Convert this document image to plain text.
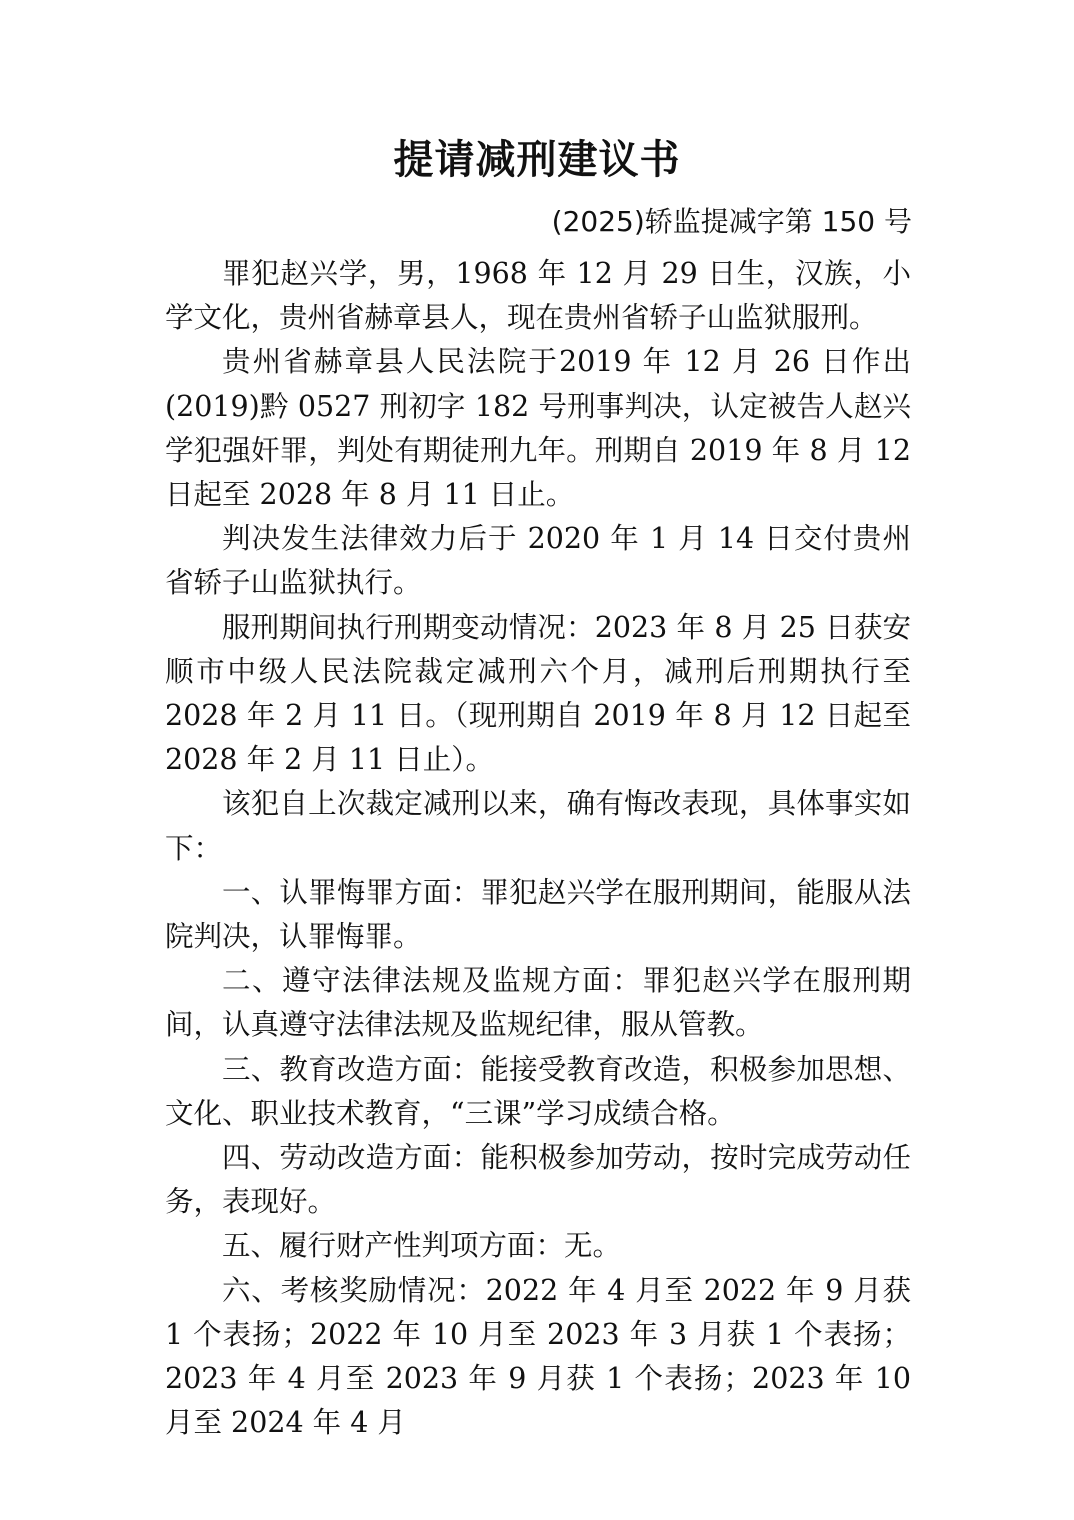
提请减刑建议书
(2025)轿监提减字第 150 号

罪犯赵兴学，男，1968 年 12 月 29 日生，汉族，小学文化，贵州省赫章县人，现在贵州省轿子山监狱服刑。

贵州省赫章县人民法院于2019 年 12 月 26 日作出(2019)黔 0527 刑初字 182 号刑事判决，认定被告人赵兴学犯强奸罪，判处有期徒刑九年。刑期自 2019 年 8 月 12 日起至 2028 年 8 月 11 日止。

判决发生法律效力后于 2020 年 1 月 14 日交付贵州省轿子山监狱执行。

服刑期间执行刑期变动情况：2023 年 8 月 25 日获安顺市中级人民法院裁定减刑六个月，减刑后刑期执行至 2028 年 2 月 11 日。（现刑期自 2019 年 8 月 12 日起至 2028 年 2 月 11 日止）。

该犯自上次裁定减刑以来，确有悔改表现，具体事实如下：

一、认罪悔罪方面：罪犯赵兴学在服刑期间，能服从法院判决，认罪悔罪。

二、遵守法律法规及监规方面：罪犯赵兴学在服刑期间，认真遵守法律法规及监规纪律，服从管教。

三、教育改造方面：能接受教育改造，积极参加思想、文化、职业技术教育，“三课”学习成绩合格。

四、劳动改造方面：能积极参加劳动，按时完成劳动任务，表现好。

五、履行财产性判项方面：无。

六、考核奖励情况：2022 年 4 月至 2022 年 9 月获 1 个表扬；2022 年 10 月至 2023 年 3 月获 1 个表扬；2023 年 4 月至 2023 年 9 月获 1 个表扬；2023 年 10 月至 2024 年 4 月
